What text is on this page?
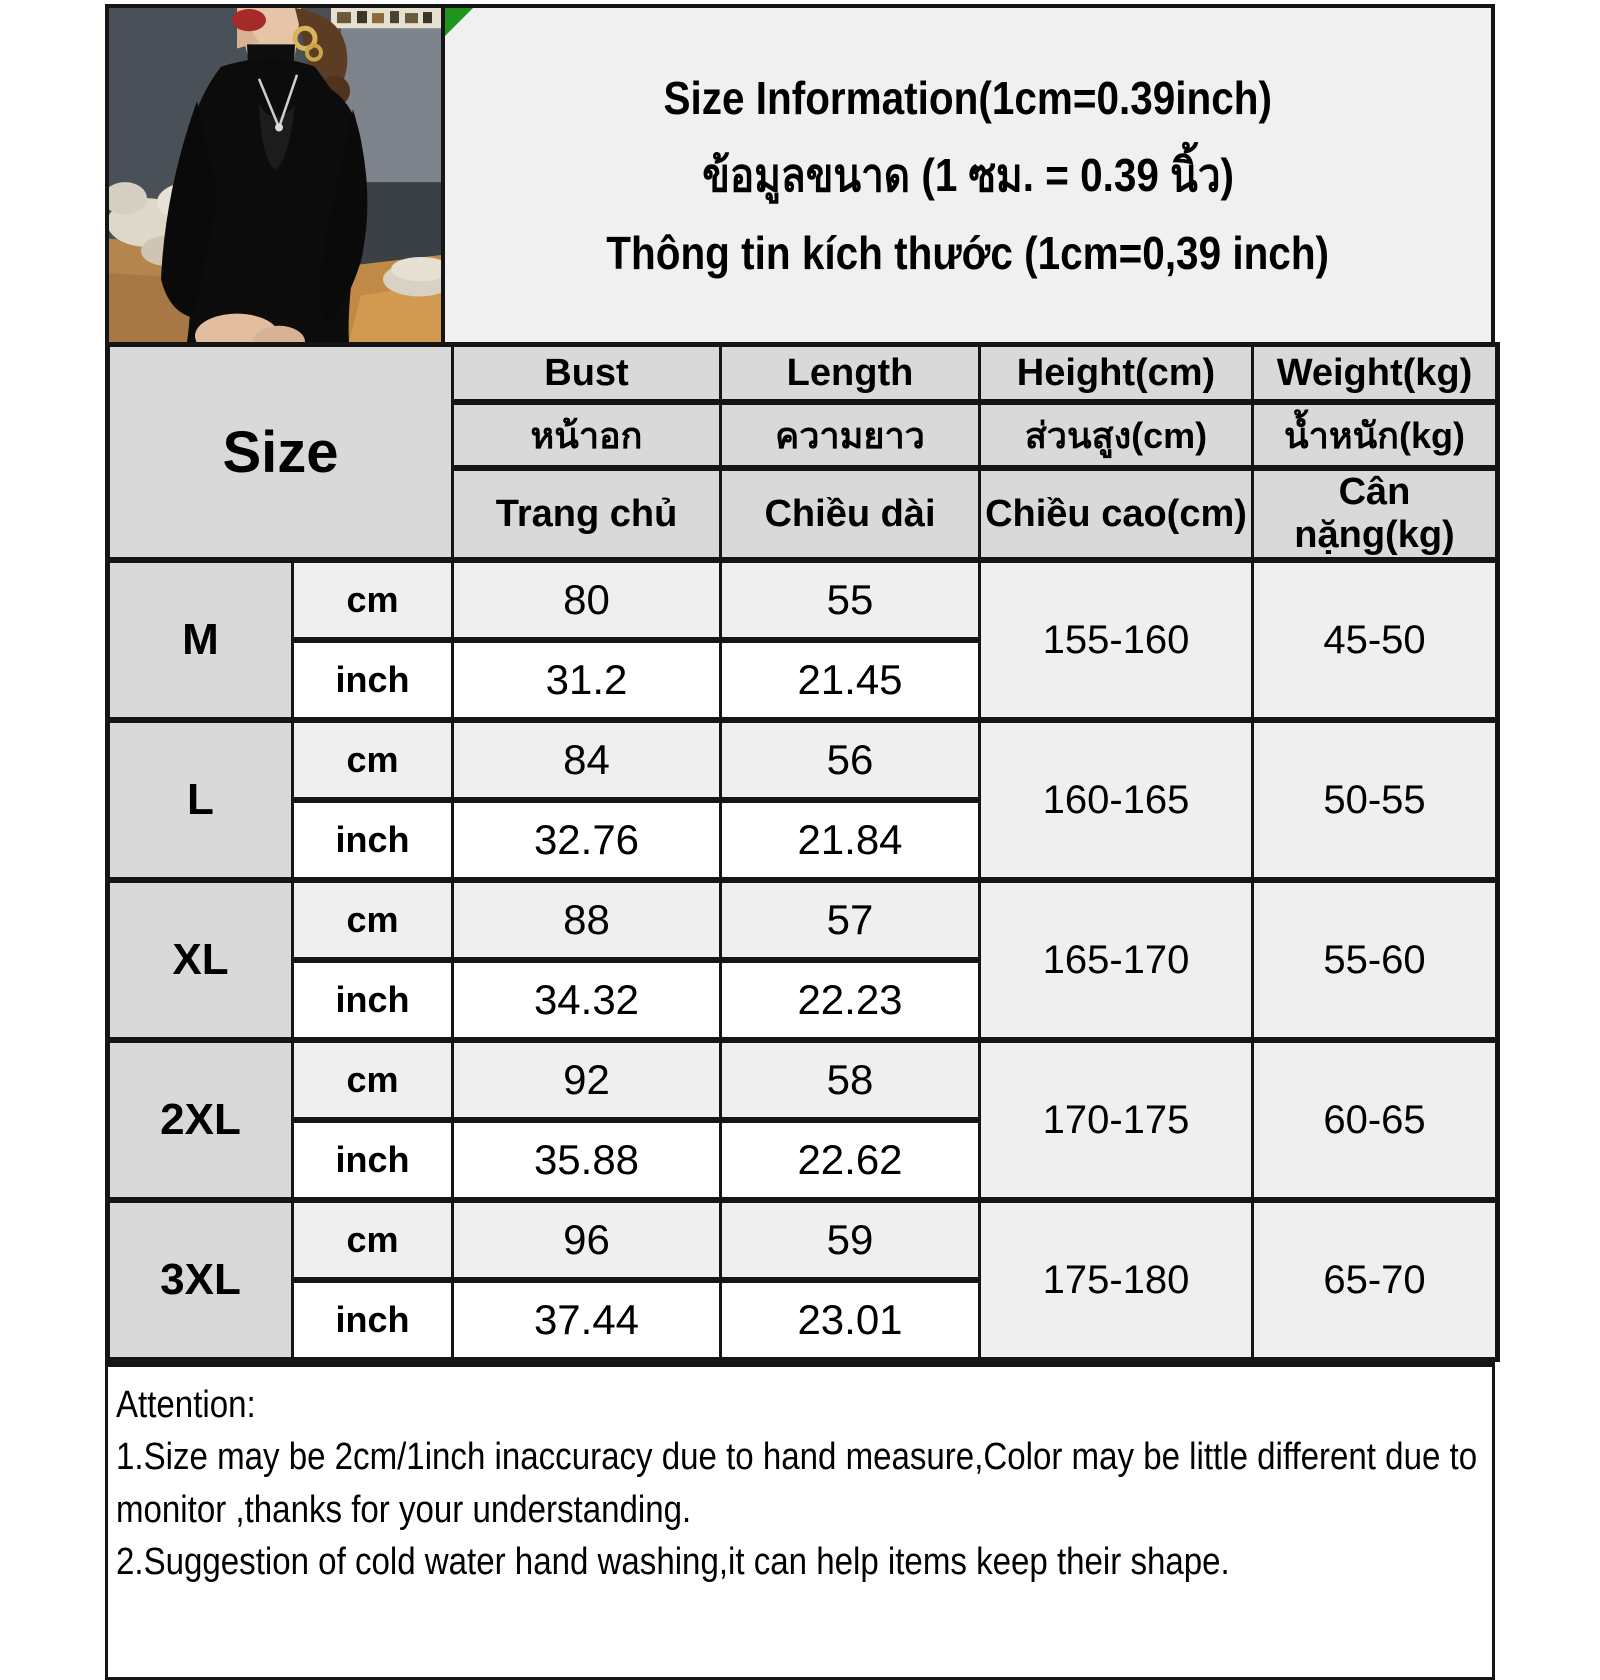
Size Information(1cm=0.39inch)
ข้อมูลขนาด (1 ซม. = 0.39 นิ้ว)
Thông tin kích thước (1cm=0,39 inch)
Size		Bust	Length	Height(cm)	Weight(kg)
		หน้าอก	ความยาว	ส่วนสูง(cm)	น้ำหนัก(kg)
		Trang chủ	Chiều dài	Chiều cao(cm)	Cân nặng(kg)
M	cm	80	55	155-160	45-50
	inch	31.2	21.45		
L	cm	84	56	160-165	50-55
	inch	32.76	21.84		
XL	cm	88	57	165-170	55-60
	inch	34.32	22.23		
2XL	cm	92	58	170-175	60-65
	inch	35.88	22.62		
3XL	cm	96	59	175-180	65-70
	inch	37.44	23.01		
Attention:
1.Size may be 2cm/1inch inaccuracy due to hand measure,Color may be little different due to monitor ,thanks for your understanding.
2.Suggestion of cold water hand washing,it can help items keep their shape.
